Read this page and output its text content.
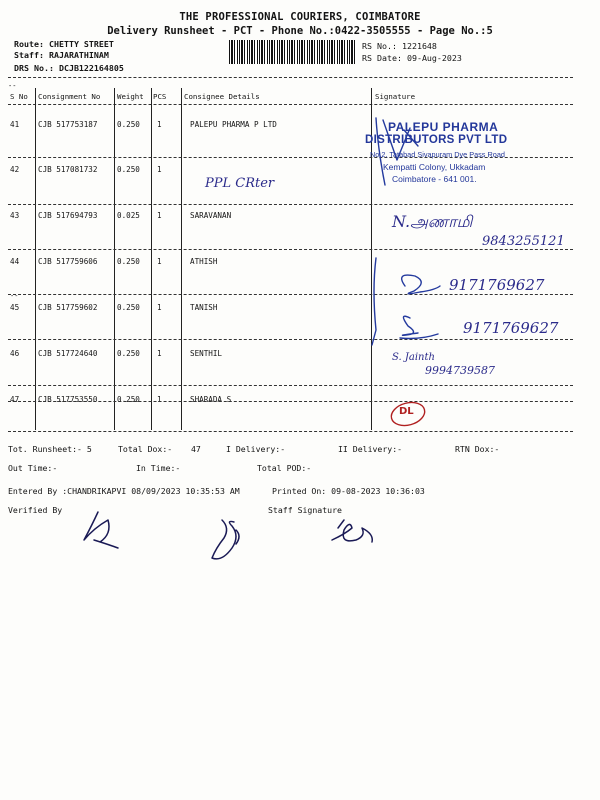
THE PROFESSIONAL COURIERS, COIMBATORE
Delivery Runsheet - PCT - Phone No.:0422-3505555 - Page No.:5
Route: CHETTY STREET
Staff: RAJARATHINAM
DRS No.: DCJB122164805
RS No.: 1221648
RS Date: 09-Aug-2023
--
S No Consignment No Weight PCS Consignee Details	Signature
41 CJB 517753187	0.250 1	PALEPU PHARMA P LTD
42 CJB 517081732	0.250 1
43 CJB 517694793	0.025 1	SARAVANAN
44 CJB 517759606	0.250 1	ATHISH
--
45 CJB 517759602	0.250 1	TANISH
46 CJB 517724640	0.250 1	SENTHIL
47 CJB 517753550	0.250 1	SHARADA S
PALEPU PHARMA
DISTRIBUTORS PVT LTD
No.2, Tatabad Sivapuram Dye Pass Road
Kempatti Colony, Ukkadam
Coimbatore - 641 001.
PPL CRter
N.அணாமி
9843255121
9171769627
9171769627
S. Jainth
9994739587
DL
Tot. Runsheet:- 5	Total Dox:- 47	I Delivery:-	II Delivery:-	RTN Dox:-
Out Time:-	In Time:-	Total POD:-
Entered By :CHANDRIKAPVI 08/09/2023 10:35:53 AM	Printed On: 09-08-2023 10:36:03
Verified By	Staff Signature
